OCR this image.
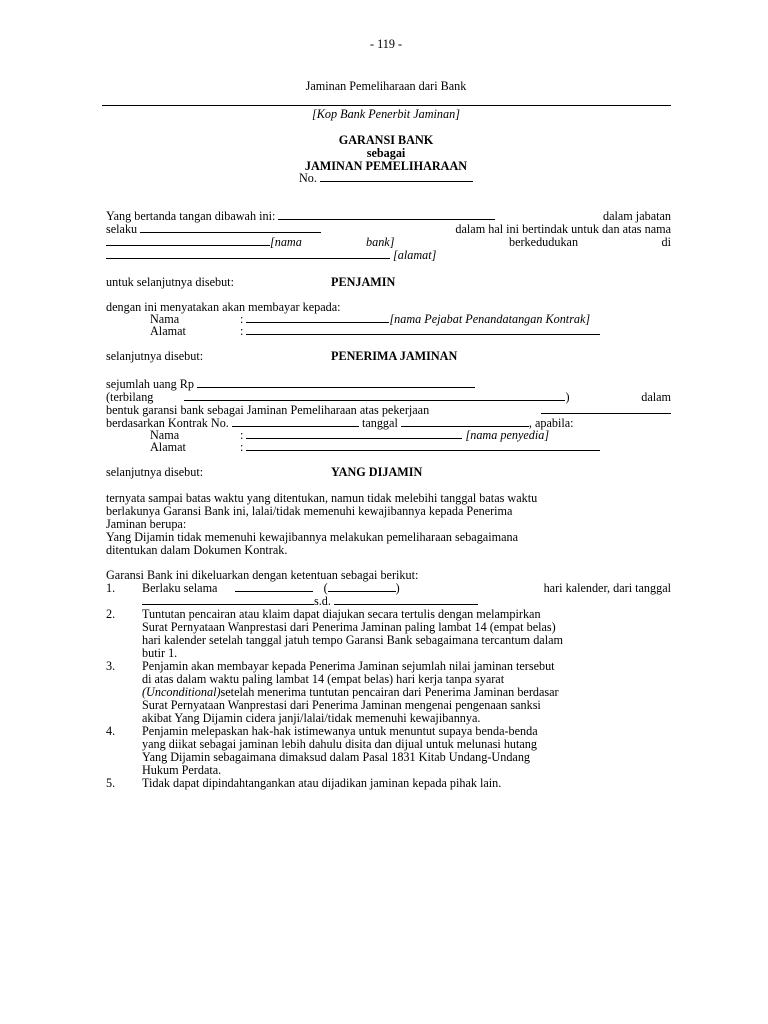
- 119 -
Jaminan Pemeliharaan dari Bank
[Kop Bank Penerbit Jaminan]
GARANSI BANK
sebagai
JAMINAN PEMELIHARAAN
No.
Yang bertanda tangan dibawah ini:	dalam jabatan
selaku	dalam hal ini bertindak untuk dan atas nama
[nama	bank]	berkedudukan	di
[alamat]
untuk selanjutnya disebut:	PENJAMIN
dengan ini menyatakan akan membayar kepada:
Nama	:	[nama Pejabat Penandatangan Kontrak]
Alamat	:
selanjutnya disebut:	PENERIMA JAMINAN
sejumlah uang Rp
(terbilang	)	dalam
bentuk garansi bank sebagai Jaminan Pemeliharaan atas pekerjaan
berdasarkan Kontrak No.	tanggal	, apabila:
Nama	:	[nama penyedia]
Alamat	:
selanjutnya disebut:	YANG DIJAMIN
ternyata sampai batas waktu yang ditentukan, namun tidak melebihi tanggal batas waktu
berlakunya Garansi Bank ini, lalai/tidak memenuhi kewajibannya kepada Penerima
Jaminan berupa:
Yang Dijamin tidak memenuhi kewajibannya melakukan pemeliharaan sebagaimana
ditentukan dalam Dokumen Kontrak.
Garansi Bank ini dikeluarkan dengan ketentuan sebagai berikut:
1. Berlaku selama	(	)	hari kalender, dari tanggal
s.d.
2. Tuntutan pencairan atau klaim dapat diajukan secara tertulis dengan melampirkan
Surat Pernyataan Wanprestasi dari Penerima Jaminan paling lambat 14 (empat belas)
hari kalender setelah tanggal jatuh tempo Garansi Bank sebagaimana tercantum dalam
butir 1.
3. Penjamin akan membayar kepada Penerima Jaminan sejumlah nilai jaminan tersebut
di atas dalam waktu paling lambat 14 (empat belas) hari kerja tanpa syarat
(Unconditional)setelah menerima tuntutan pencairan dari Penerima Jaminan berdasar
Surat Pernyataan Wanprestasi dari Penerima Jaminan mengenai pengenaan sanksi
akibat Yang Dijamin cidera janji/lalai/tidak memenuhi kewajibannya.
4. Penjamin melepaskan hak-hak istimewanya untuk menuntut supaya benda-benda
yang diikat sebagai jaminan lebih dahulu disita dan dijual untuk melunasi hutang
Yang Dijamin sebagaimana dimaksud dalam Pasal 1831 Kitab Undang-Undang
Hukum Perdata.
5. Tidak dapat dipindahtangankan atau dijadikan jaminan kepada pihak lain.
